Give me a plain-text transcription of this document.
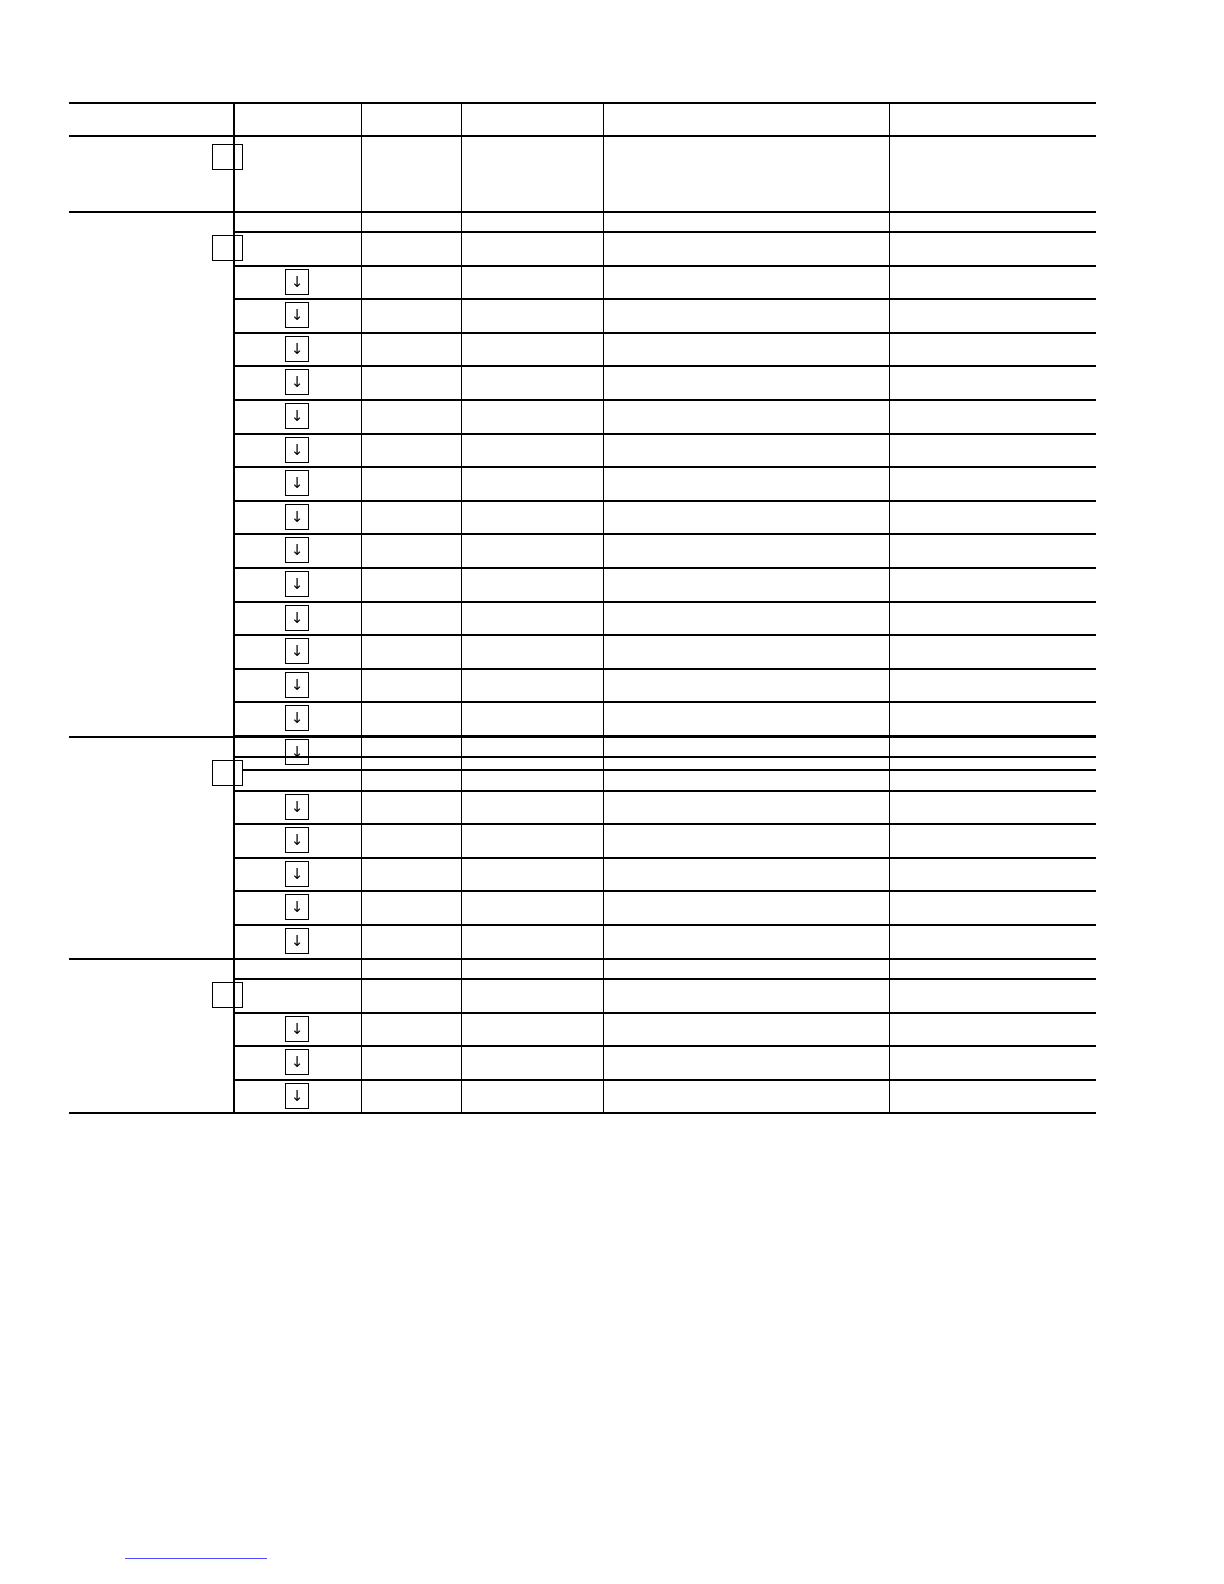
↓
↓
↓
↓
↓
↓
↓
↓
↓
↓
↓
↓
↓
↓
↓
↓
↓
↓
↓
↓
↓
↓
↓
